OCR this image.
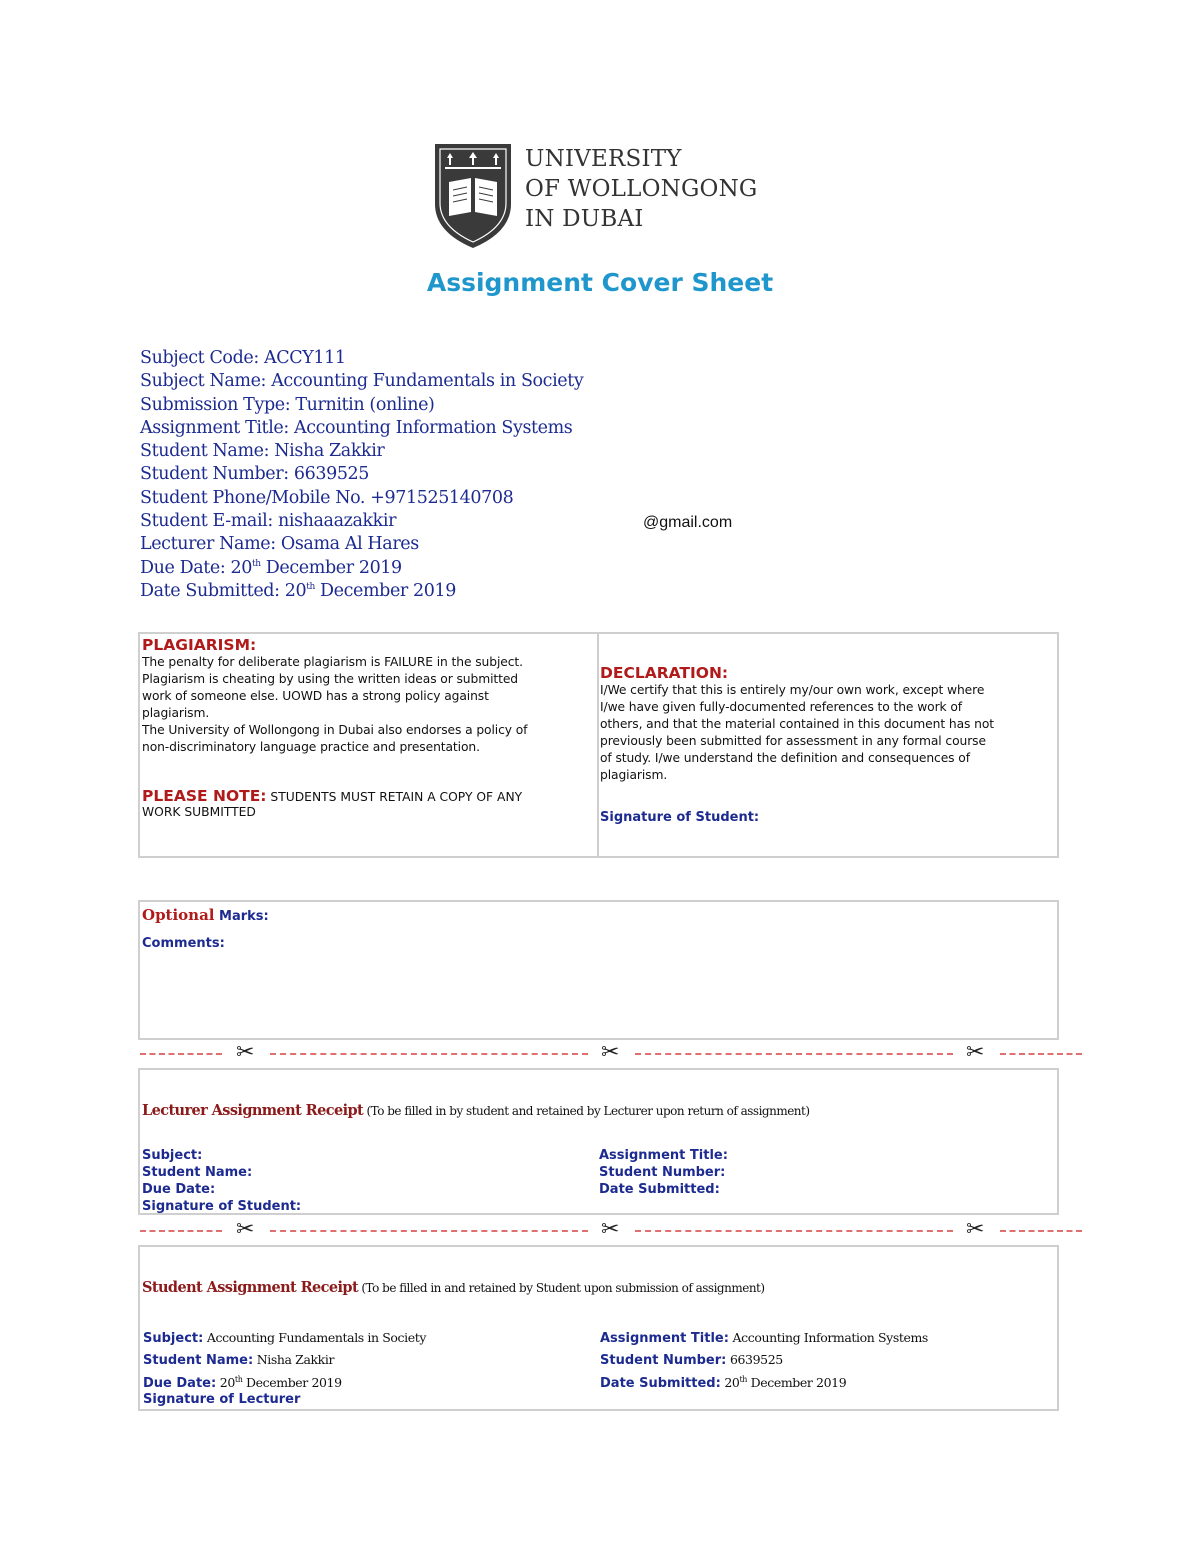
UNIVERSITY
OF WOLLONGONG
IN DUBAI
Assignment Cover Sheet
Subject Code: ACCY111
Subject Name: Accounting Fundamentals in Society
Submission Type: Turnitin (online)
Assignment Title: Accounting Information Systems
Student Name: Nisha Zakkir
Student Number: 6639525
Student Phone/Mobile No. +971525140708
Student E-mail: nishaaazakkir
Lecturer Name: Osama Al Hares
Due Date: 20th December 2019
Date Submitted: 20th December 2019
@gmail.com
PLAGIARISM:
The penalty for deliberate plagiarism is FAILURE in the subject.
Plagiarism is cheating by using the written ideas or submitted
work of someone else. UOWD has a strong policy against
plagiarism.
The University of Wollongong in Dubai also endorses a policy of
non-discriminatory language practice and presentation.
PLEASE NOTE: STUDENTS MUST RETAIN A COPY OF ANY
WORK SUBMITTED
DECLARATION:
I/We certify that this is entirely my/our own work, except where
I/we have given fully-documented references to the work of
others, and that the material contained in this document has not
previously been submitted for assessment in any formal course
of study. I/we understand the definition and consequences of
plagiarism.
Signature of Student:
Optional Marks:
Comments:
✂	✂	✂
Lecturer Assignment Receipt (To be filled in by student and retained by Lecturer upon return of assignment)
Subject:
Student Name:
Due Date:
Signature of Student:
Assignment Title:
Student Number:
Date Submitted:
✂	✂	✂
Student Assignment Receipt (To be filled in and retained by Student upon submission of assignment)
Subject: Accounting Fundamentals in Society
Student Name: Nisha Zakkir
Due Date: 20th December 2019
Signature of Lecturer
Assignment Title: Accounting Information Systems
Student Number: 6639525
Date Submitted: 20th December 2019
